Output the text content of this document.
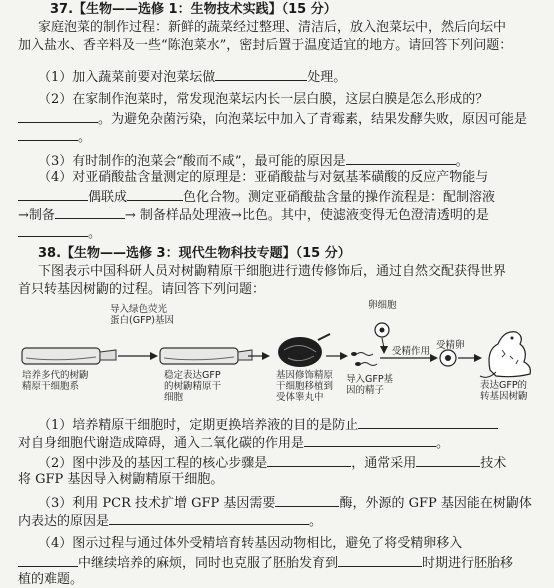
37.【生物——选修 1：生物技术实践】（15 分）
家庭泡菜的制作过程：新鲜的蔬菜经过整理、清洁后，放入泡菜坛中，然后向坛中
加入盐水、香辛料及一些“陈泡菜水”，密封后置于温度适宜的地方。请回答下列问题：
（1）加入蔬菜前要对泡菜坛做	处理。
（2）在家制作泡菜时，常发现泡菜坛内长一层白膜，这层白膜是怎么形成的？
。为避免杂菌污染，向泡菜坛中加入了青霉素，结果发酵失败，原因可能是
。
（3）有时制作的泡菜会“酸而不咸”，最可能的原因是	。
（4）对亚硝酸盐含量测定的原理是：亚硝酸盐与对氨基苯磺酸的反应产物能与
偶联成	色化合物。测定亚硝酸盐含量的操作流程是：配制溶液
→制备	→ 制备样品处理液→比色。其中，使滤液变得无色澄清透明的是
。
38.【生物——选修 3：现代生物科技专题】（15 分）
下图表示中国科研人员对树鼩精原干细胞进行遗传修饰后，通过自然交配获得世界
首只转基因树鼩的过程。请回答下列问题：
导入绿色荧光
蛋白(GFP)基因
培养多代的树鼩
精原干细胞系
稳定表达GFP
的树鼩精原干
细胞
基因修饰精原
干细胞移植到
受体睾丸中
导入GFP基
因的精子
卵细胞
受精作用
受精卵
表达GFP的
转基因树鼩
（1）培养精原干细胞时，定期更换培养液的目的是防止
对自身细胞代谢造成障碍，通入二氧化碳的作用是	。
（2）图中涉及的基因工程的核心步骤是	，通常采用	技术
将 GFP 基因导入树鼩精原干细胞。
（3）利用 PCR 技术扩增 GFP 基因需要	酶，外源的 GFP 基因能在树鼩体
内表达的原因是	。
（4）图示过程与通过体外受精培育转基因动物相比，避免了将受精卵移入
中继续培养的麻烦，同时也克服了胚胎发育到	时期进行胚胎移
植的难题。
